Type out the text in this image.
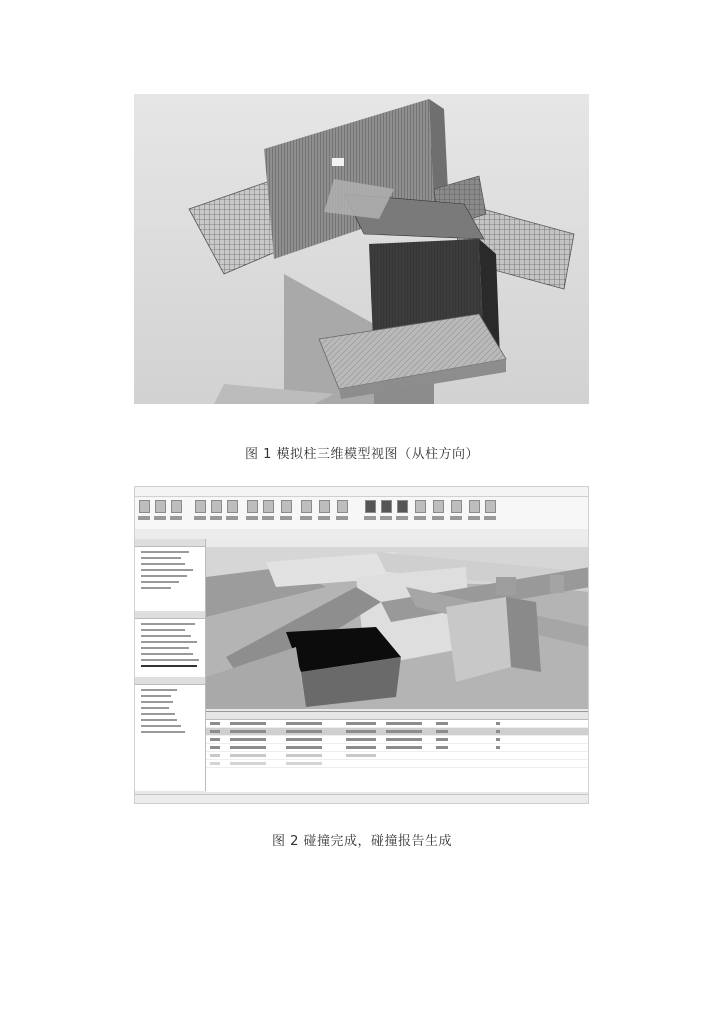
图 1 模拟柱三维模型视图（从柱方向）
图 2 碰撞完成，碰撞报告生成
